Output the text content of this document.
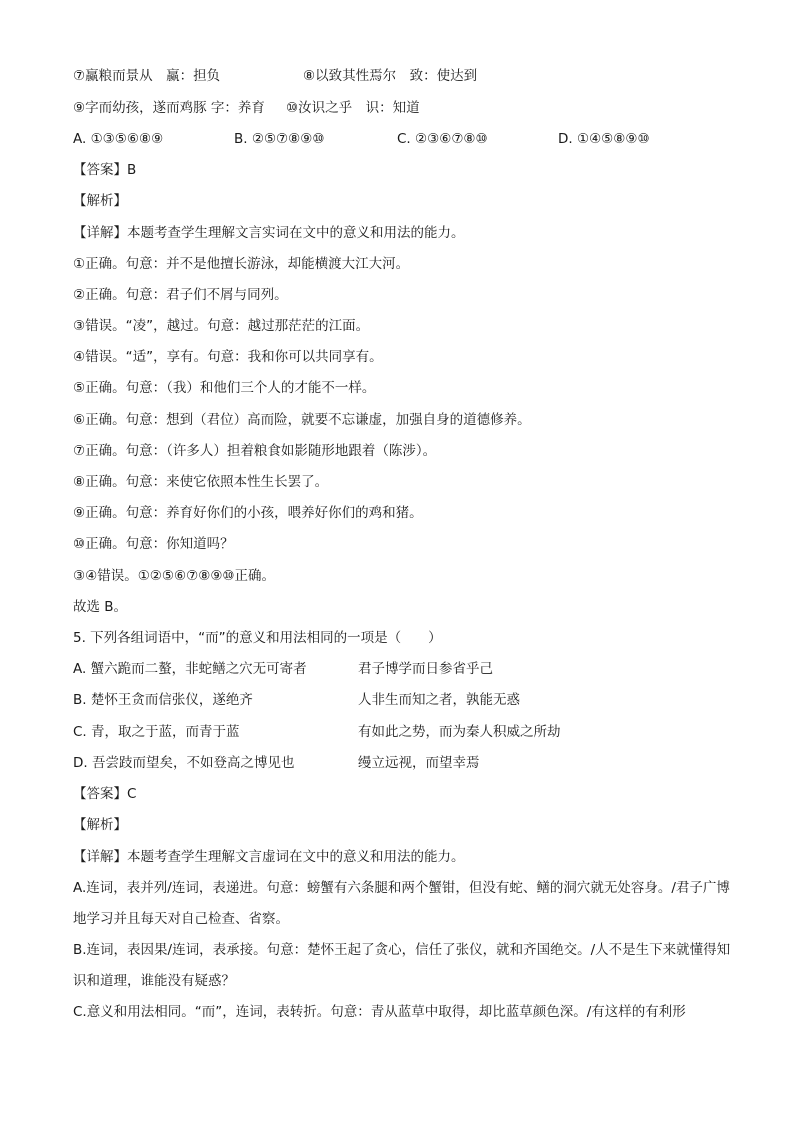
⑦赢粮而景从　赢：担负	⑧以致其性焉尔　致：使达到
⑨字而幼孩，遂而鸡豚 字：养育 ⑩汝识之乎　识：知道
A. ①③⑤⑥⑧⑨	B. ②⑤⑦⑧⑨⑩	C. ②③⑥⑦⑧⑩	D. ①④⑤⑧⑨⑩
【答案】B
【解析】
【详解】本题考查学生理解文言实词在文中的意义和用法的能力。
①正确。句意：并不是他擅长游泳，却能横渡大江大河。
②正确。句意：君子们不屑与同列。
③错误。“凌”，越过。句意：越过那茫茫的江面。
④错误。“适”，享有。句意：我和你可以共同享有。
⑤正确。句意：（我）和他们三个人的才能不一样。
⑥正确。句意：想到（君位）高而险，就要不忘谦虚，加强自身的道德修养。
⑦正确。句意：（许多人）担着粮食如影随形地跟着（陈涉）。
⑧正确。句意：来使它依照本性生长罢了。
⑨正确。句意：养育好你们的小孩，喂养好你们的鸡和猪。
⑩正确。句意：你知道吗？
③④错误。①②⑤⑥⑦⑧⑨⑩正确。
故选 B。
5. 下列各组词语中，“而”的意义和用法相同的一项是（　　）
A. 蟹六跪而二螯，非蛇鳝之穴无可寄者	君子博学而日参省乎己
B. 楚怀王贪而信张仪，遂绝齐	人非生而知之者，孰能无惑
C. 青，取之于蓝，而青于蓝	有如此之势，而为秦人积威之所劫
D. 吾尝跂而望矣，不如登高之博见也	缦立远视，而望幸焉
【答案】C
【解析】
【详解】本题考查学生理解文言虚词在文中的意义和用法的能力。
A.连词，表并列/连词，表递进。句意：螃蟹有六条腿和两个蟹钳，但没有蛇、鳝的洞穴就无处容身。/君子广博地学习并且每天对自己检查、省察。
B.连词，表因果/连词，表承接。句意：楚怀王起了贪心，信任了张仪，就和齐国绝交。/人不是生下来就懂得知识和道理，谁能没有疑惑？
C.意义和用法相同。“而”，连词，表转折。句意：青从蓝草中取得，却比蓝草颜色深。/有这样的有利形
